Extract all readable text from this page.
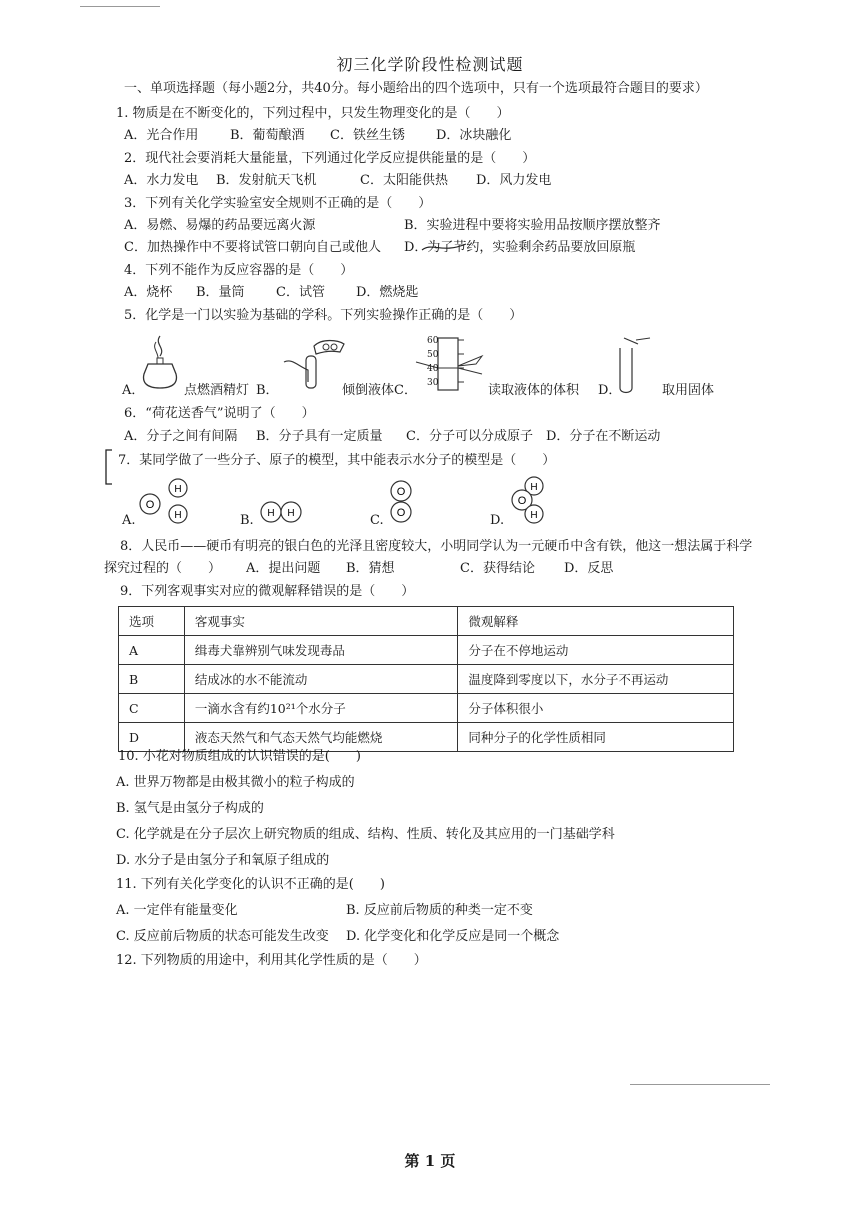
初三化学阶段性检测试题
一、单项选择题（每小题2分，共40分。每小题给出的四个选项中，只有一个选项最符合题目的要求）
1. 物质是在不断变化的，下列过程中，只发生物理变化的是（　　）
A．光合作用 B．葡萄酿酒 C．铁丝生锈 D．冰块融化
2．现代社会要消耗大量能量，下列通过化学反应提供能量的是（　　）
A．水力发电 B．发射航天飞机	C．太阳能供热 D．风力发电
3．下列有关化学实验室安全规则不正确的是（　　）
A．易燃、易爆的药品要远离火源	B．实验进程中要将实验用品按顺序摆放整齐
C．加热操作中不要将试管口朝向自己或他人 D．为了节约，实验剩余药品要放回原瓶
4．下列不能作为反应容器的是（　　）
A．烧杯 B．量筒 C．试管 D．燃烧匙
5．化学是一门以实验为基础的学科。下列实验操作正确的是（　　）
A．	点燃酒精灯 B．	倾倒液体 C．
60
50
40
30	读取液体的体积 D．	取用固体
6．“荷花送香气”说明了（　　）
A．分子之间有间隔 B．分子具有一定质量 C．分子可以分成原子 D．分子在不断运动
7．某同学做了一些分子、原子的模型，其中能表示水分子的模型是（　　）
A.
O
H
H	B. H H	C.
O
O	D.
H
O
H
8．人民币——硬币有明亮的银白色的光泽且密度较大，小明同学认为一元硬币中含有铁，他这一想法属于科学
探究过程的（　　） A．提出问题 B．猜想	C．获得结论 D．反思
9．下列客观事实对应的微观解释错误的是（　　）
选项	客观事实	微观解释
A	缉毒犬靠辨别气味发现毒品	分子在不停地运动
B	结成冰的水不能流动	温度降到零度以下，水分子不再运动
C	一滴水含有约10²¹个水分子	分子体积很小
D	液态天然气和气态天然气均能燃烧	同种分子的化学性质相同
10. 小花对物质组成的认识错误的是(　　)
A. 世界万物都是由极其微小的粒子构成的
B. 氢气是由氢分子构成的
C. 化学就是在分子层次上研究物质的组成、结构、性质、转化及其应用的一门基础学科
D. 水分子是由氢分子和氧原子组成的
11. 下列有关化学变化的认识不正确的是(　　)
A. 一定伴有能量变化	B. 反应前后物质的种类一定不变
C. 反应前后物质的状态可能发生改变 D. 化学变化和化学反应是同一个概念
12. 下列物质的用途中，利用其化学性质的是（　　）
第 1 页
